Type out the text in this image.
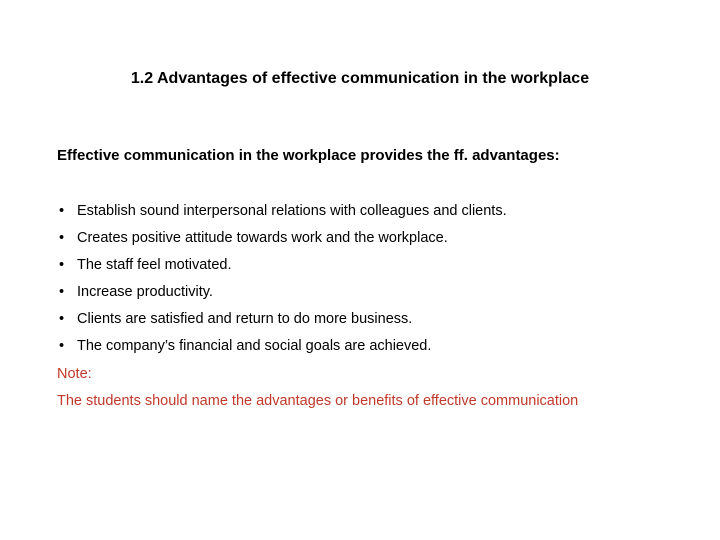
1.2 Advantages of effective communication in the workplace
Effective communication in the workplace provides the ff. advantages:
• Establish sound interpersonal relations with colleagues and clients.
• Creates positive attitude towards work and the workplace.
• The staff feel motivated.
• Increase productivity.
• Clients are satisfied and return to do more business.
• The company’s financial and social goals are achieved.
Note:
The students should name the advantages or benefits of effective communication
